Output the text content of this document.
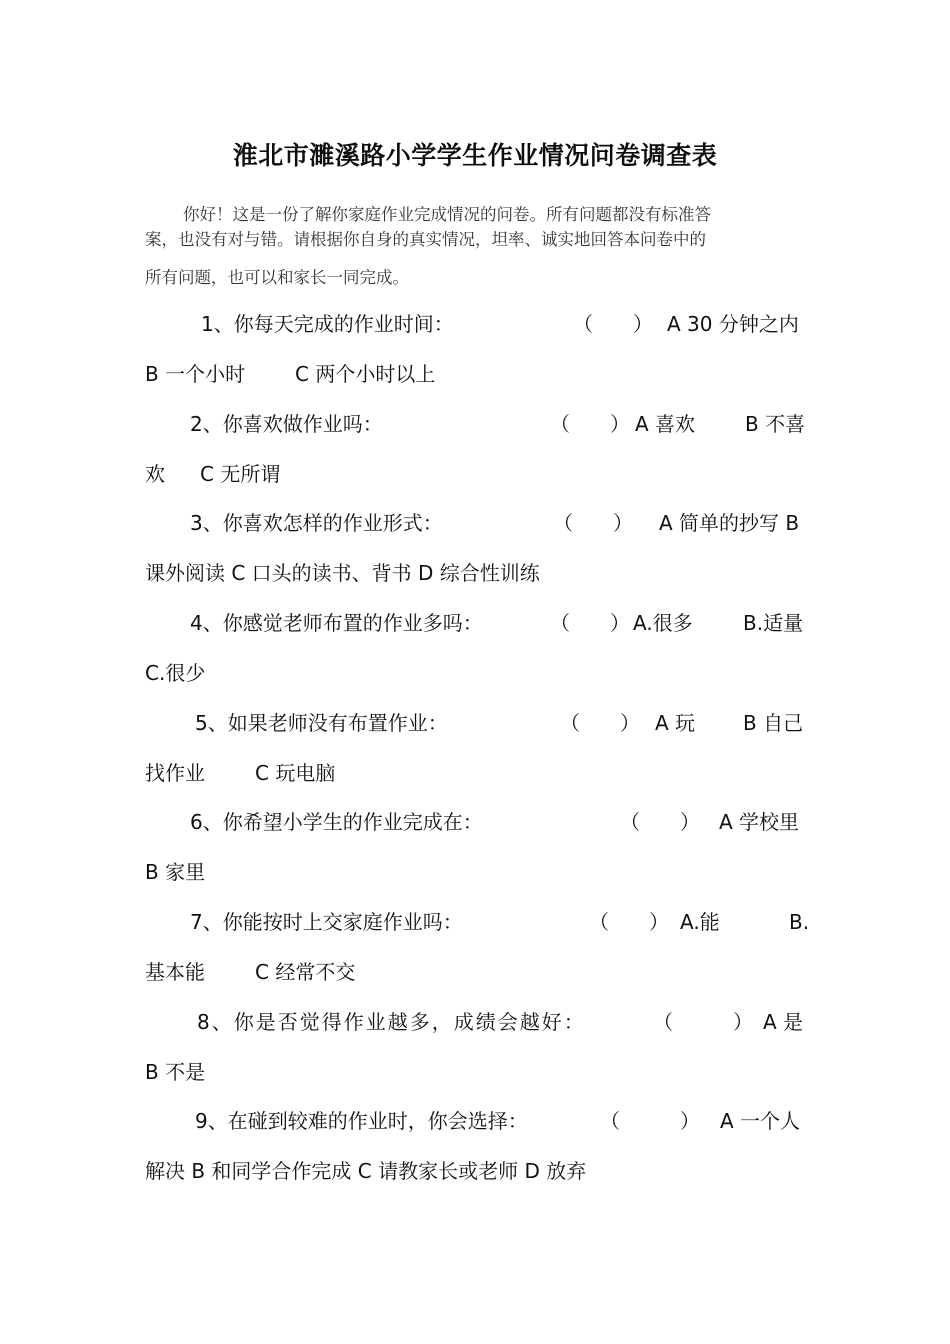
淮北市濉溪路小学学生作业情况问卷调查表
你好！这是一份了解你家庭作业完成情况的问卷。所有问题都没有标准答
案，也没有对与错。请根据你自身的真实情况，坦率、诚实地回答本问卷中的
所有问题，也可以和家长一同完成。
1、你每天完成的作业时间：	（　　） A 30 分钟之内
B 一个小时 C 两个小时以上
2、你喜欢做作业吗：	（　　） A 喜欢 B 不喜
欢 C 无所谓
3、你喜欢怎样的作业形式：	（　　） A 简单的抄写 B
课外阅读 C 口头的读书、背书 D 综合性训练
4、你感觉老师布置的作业多吗：	（　　） A.很多	B.适量
C.很少
5、如果老师没有布置作业：	（　　） A 玩 B 自己
找作业	C 玩电脑
6、你希望小学生的作业完成在：	（　　） A 学校里
B 家里
7、你能按时上交家庭作业吗：	（　　） A.能	B.
基本能	C 经常不交
8、你是否觉得作业越多，成绩会越好：	（　　　） A 是
B 不是
9、在碰到较难的作业时，你会选择：	（　　　） A 一个人
解决 B 和同学合作完成 C 请教家长或老师 D 放弃
